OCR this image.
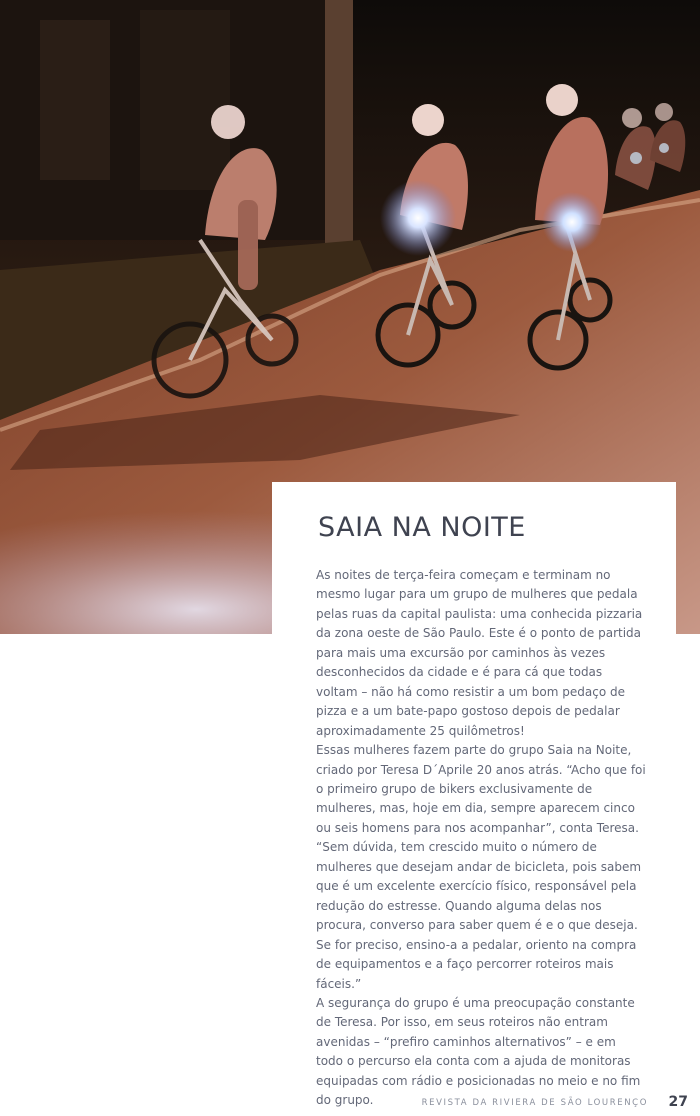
SAIA NA NOITE

As noites de terça-feira começam e terminam no mesmo lugar para um grupo de mulheres que pedala pelas ruas da capital paulista: uma conhecida pizzaria da zona oeste de São Paulo. Este é o ponto de partida para mais uma excursão por caminhos às vezes desconhecidos da cidade e é para cá que todas voltam – não há como resistir a um bom pedaço de pizza e a um bate-papo gostoso depois de pedalar aproximadamente 25 quilômetros!

Essas mulheres fazem parte do grupo Saia na Noite, criado por Teresa D´Aprile 20 anos atrás. “Acho que foi o primeiro grupo de bikers exclusivamente de mulheres, mas, hoje em dia, sempre aparecem cinco ou seis homens para nos acompanhar”, conta Teresa. “Sem dúvida, tem crescido muito o número de mulheres que desejam andar de bicicleta, pois sabem que é um excelente exercício físico, responsável pela redução do estresse. Quando alguma delas nos procura, converso para saber quem é e o que deseja. Se for preciso, ensino-a a pedalar, oriento na compra de equipamentos e a faço percorrer roteiros mais fáceis.”

A segurança do grupo é uma preocupação constante de Teresa. Por isso, em seus roteiros não entram avenidas – “prefiro caminhos alternativos” – e em todo o percurso ela conta com a ajuda de monitoras equipadas com rádio e posicionadas no meio e no fim do grupo.	REVISTA DA RIVIERA DE SÃO LOURENÇO 27
